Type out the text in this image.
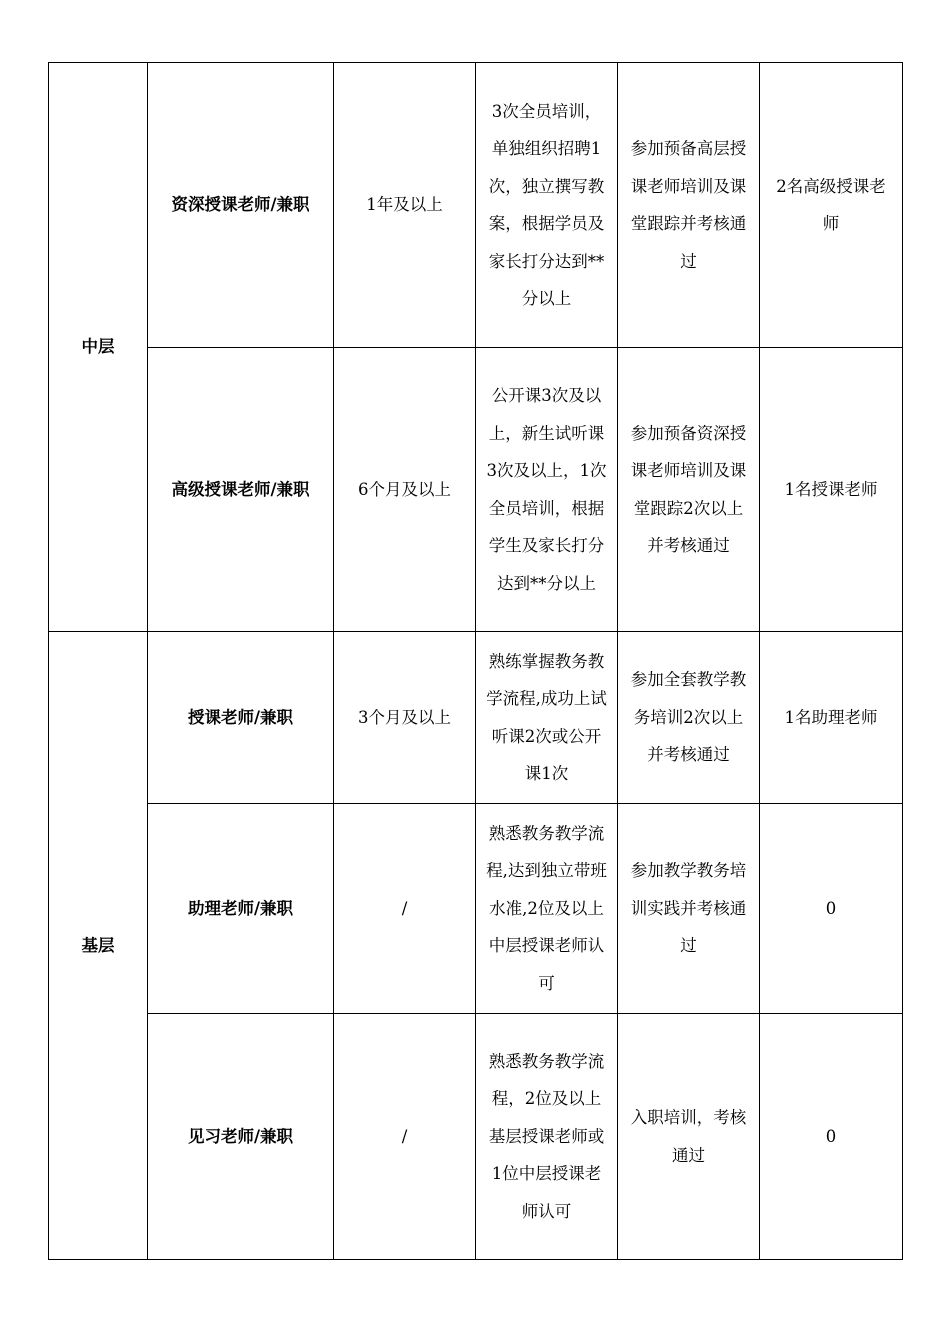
中层	资深授课老师/兼职	1年及以上	3次全员培训，单独组织招聘1次，独立撰写教案，根据学员及家长打分达到**分以上	参加预备高层授课老师培训及课堂跟踪并考核通过	2名高级授课老师
	高级授课老师/兼职	6个月及以上	公开课3次及以上，新生试听课3次及以上，1次全员培训，根据学生及家长打分达到**分以上	参加预备资深授课老师培训及课堂跟踪2次以上并考核通过	1名授课老师
基层	授课老师/兼职	3个月及以上	熟练掌握教务教学流程,成功上试听课2次或公开课1次	参加全套教学教务培训2次以上并考核通过	1名助理老师
	助理老师/兼职	/	熟悉教务教学流程,达到独立带班水准,2位及以上中层授课老师认可	参加教学教务培训实践并考核通过	0
	见习老师/兼职	/	熟悉教务教学流程，2位及以上基层授课老师或1位中层授课老师认可	入职培训，考核通过	0
